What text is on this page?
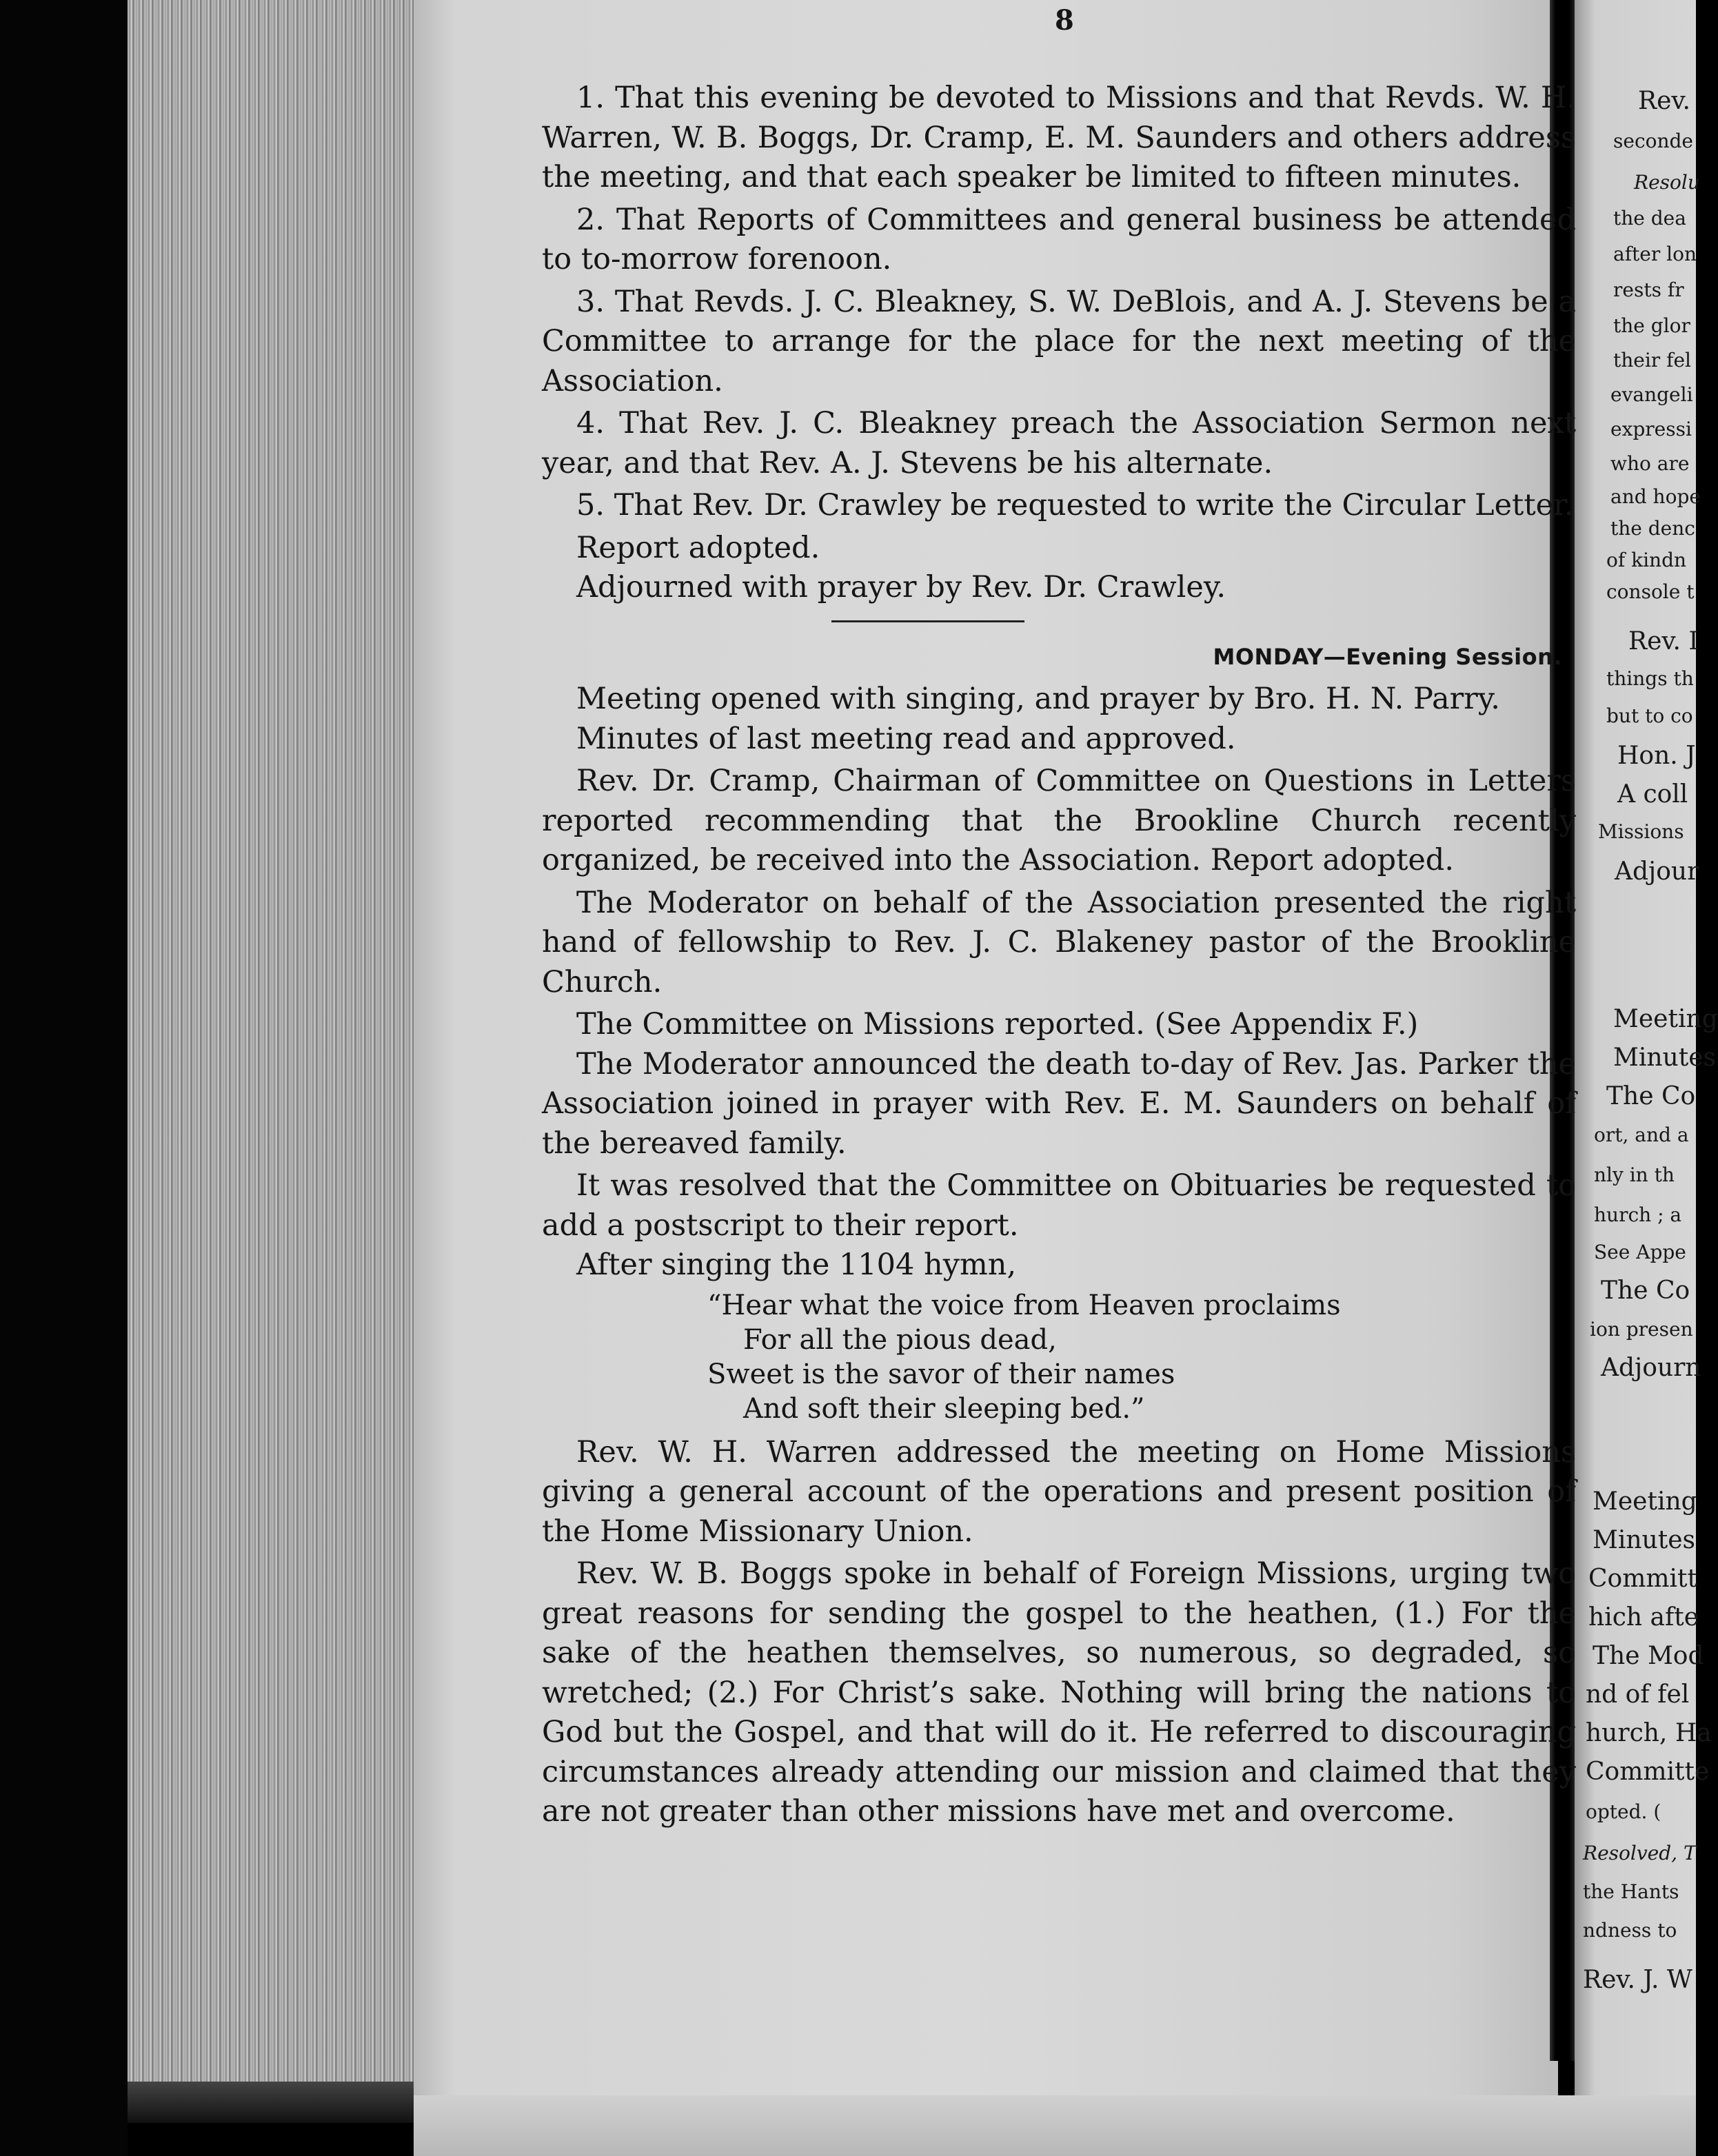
8

1. That this evening be devoted to Missions and that Revds. W. H. Warren, W. B. Boggs, Dr. Cramp, E. M. Saunders and others address the meeting, and that each speaker be limited to fifteen minutes.

2. That Reports of Committees and general business be attended to to-morrow forenoon.

3. That Revds. J. C. Bleakney, S. W. DeBlois, and A. J. Stevens be a Committee to arrange for the place for the next meeting of the Association.

4. That Rev. J. C. Bleakney preach the Association Sermon next year, and that Rev. A. J. Stevens be his alternate.

5. That Rev. Dr. Crawley be requested to write the Circular Letter.

Report adopted.

Adjourned with prayer by Rev. Dr. Crawley.

MONDAY—Evening Session.

Meeting opened with singing, and prayer by Bro. H. N. Parry.

Minutes of last meeting read and approved.

Rev. Dr. Cramp, Chairman of Committee on Questions in Letters reported recommending that the Brookline Church recently organized, be received into the Association. Report adopted.

The Moderator on behalf of the Association presented the right hand of fellowship to Rev. J. C. Blakeney pastor of the Brookline Church.

The Committee on Missions reported. (See Appendix F.)

The Moderator announced the death to-day of Rev. Jas. Parker the Association joined in prayer with Rev. E. M. Saunders on behalf of the bereaved family.

It was resolved that the Committee on Obituaries be requested to add a postscript to their report.

After singing the 1104 hymn,

“Hear what the voice from Heaven proclaims
For all the pious dead,
Sweet is the savor of their names
And soft their sleeping bed.”

Rev. W. H. Warren addressed the meeting on Home Missions giving a general account of the operations and present position of the Home Missionary Union.

Rev. W. B. Boggs spoke in behalf of Foreign Missions, urging two great reasons for sending the gospel to the heathen, (1.) For the sake of the heathen themselves, so numerous, so degraded, so wretched; (2.) For Christ’s sake. Nothing will bring the nations to God but the Gospel, and that will do it. He referred to discouraging circumstances already attending our mission and claimed that they are not greater than other missions have met and overcome.

Rev.
seconde
Resolu
the dea
after lon
rests fr
the glor
their fel
evangeli
expressi
who are
and hope
the denc
of kindn
console t
Rev. I
things th
but to co
Hon. J
A coll
Missions
Adjour
Meeting
Minutes
The Co
ort, and a
nly in th
hurch ; a
See Appe
The Co
ion presen
Adjourn
Meeting
Minutes
Committ
hich afte
The Mod
nd of fel
hurch, Ha
Committe
opted. (
Resolved, T
the Hants
ndness to
Rev. J. W
